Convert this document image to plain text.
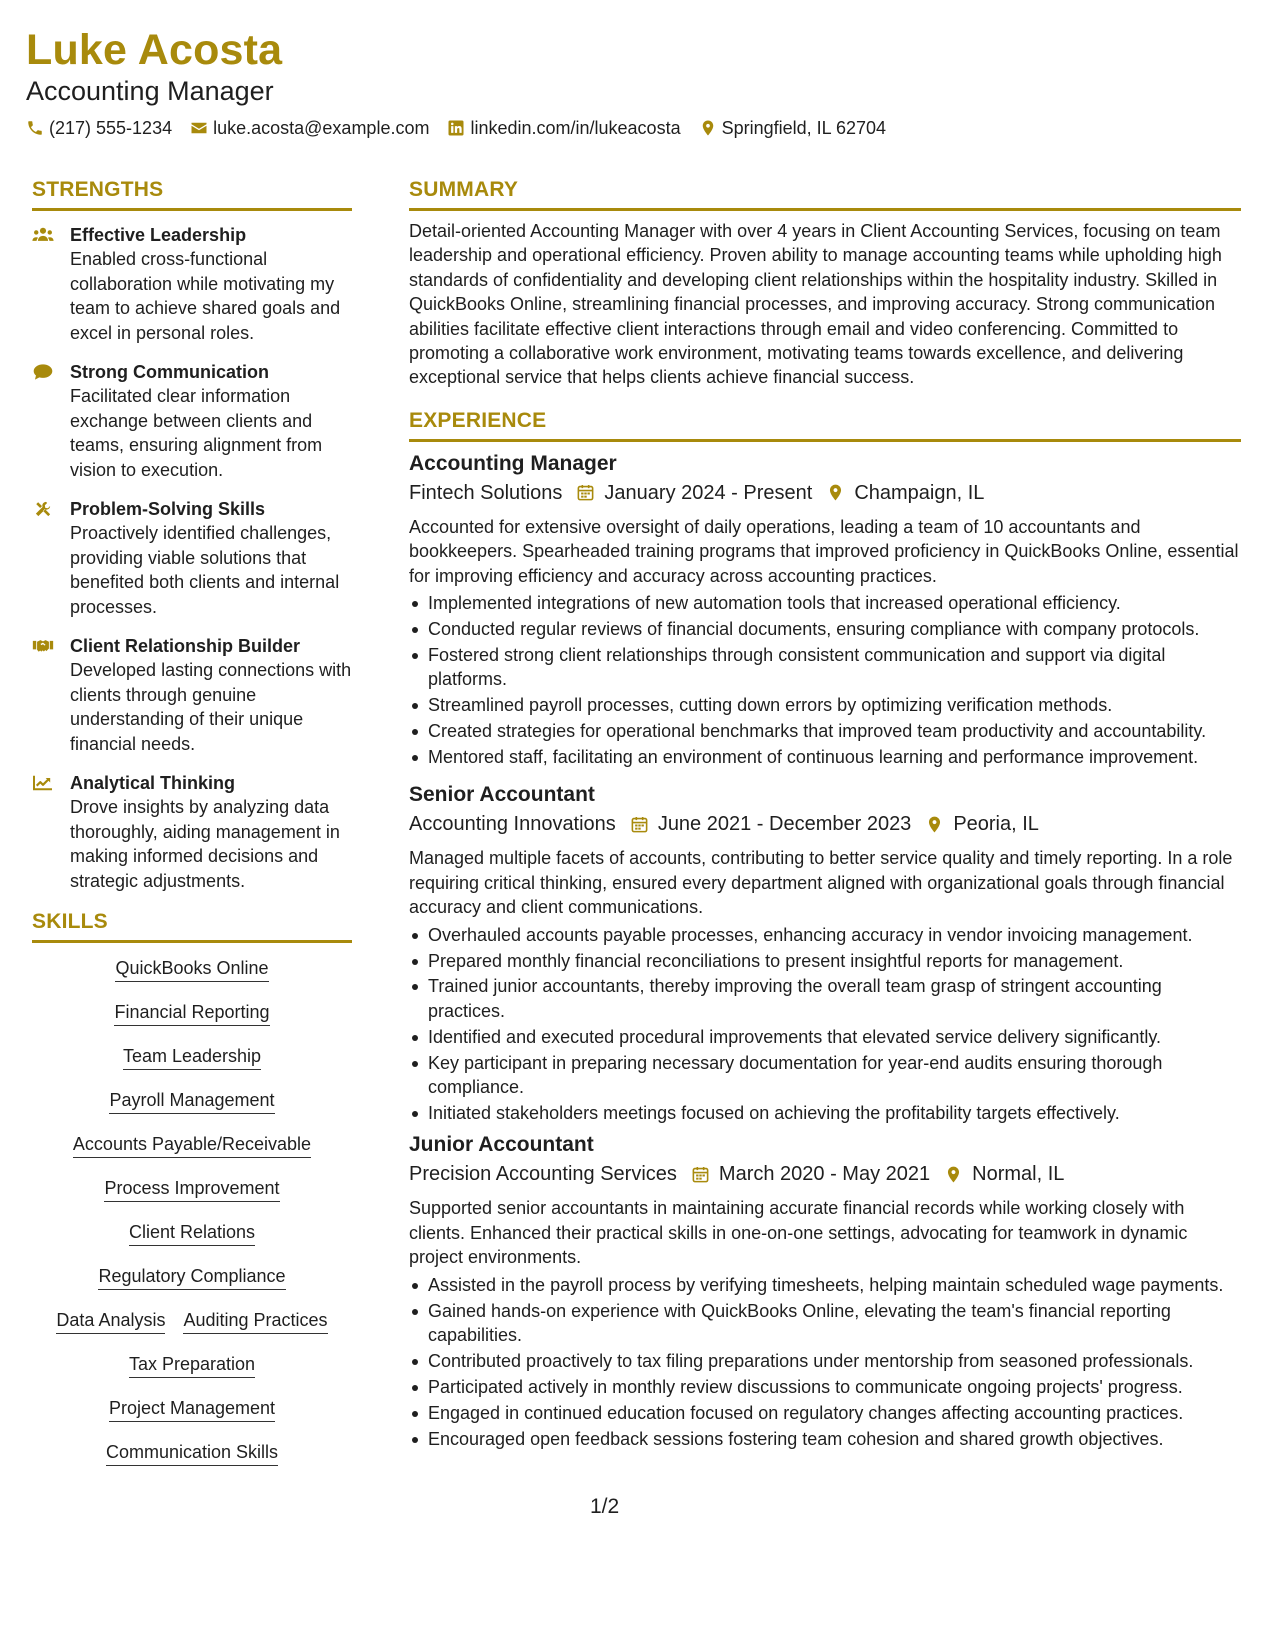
Luke Acosta
Accounting Manager
(217) 555-1234 luke.acosta@example.com linkedin.com/in/lukeacosta Springfield, IL 62704
STRENGTHS
Effective Leadership
Enabled cross-functional collaboration while motivating my team to achieve shared goals and excel in personal roles.
Strong Communication
Facilitated clear information exchange between clients and teams, ensuring alignment from vision to execution.
Problem-Solving Skills
Proactively identified challenges, providing viable solutions that benefited both clients and internal processes.
Client Relationship Builder
Developed lasting connections with clients through genuine understanding of their unique financial needs.
Analytical Thinking
Drove insights by analyzing data thoroughly, aiding management in making informed decisions and strategic adjustments.
SKILLS
QuickBooks Online
Financial Reporting
Team Leadership
Payroll Management
Accounts Payable/Receivable
Process Improvement
Client Relations
Regulatory Compliance
Data Analysis Auditing Practices
Tax Preparation
Project Management
Communication Skills
SUMMARY

Detail-oriented Accounting Manager with over 4 years in Client Accounting Services, focusing on team leadership and operational efficiency. Proven ability to manage accounting teams while upholding high standards of confidentiality and developing client relationships within the hospitality industry. Skilled in QuickBooks Online, streamlining financial processes, and improving accuracy. Strong communication abilities facilitate effective client interactions through email and video conferencing. Committed to promoting a collaborative work environment, motivating teams towards excellence, and delivering exceptional service that helps clients achieve financial success.

EXPERIENCE
Accounting Manager
Fintech Solutions January 2024 - Present Champaign, IL

Accounted for extensive oversight of daily operations, leading a team of 10 accountants and bookkeepers. Spearheaded training programs that improved proficiency in QuickBooks Online, essential for improving efficiency and accuracy across accounting practices.

Implemented integrations of new automation tools that increased operational efficiency.
Conducted regular reviews of financial documents, ensuring compliance with company protocols.
Fostered strong client relationships through consistent communication and support via digital platforms.
Streamlined payroll processes, cutting down errors by optimizing verification methods.
Created strategies for operational benchmarks that improved team productivity and accountability.
Mentored staff, facilitating an environment of continuous learning and performance improvement.
Senior Accountant
Accounting Innovations June 2021 - December 2023 Peoria, IL

Managed multiple facets of accounts, contributing to better service quality and timely reporting. In a role requiring critical thinking, ensured every department aligned with organizational goals through financial accuracy and client communications.

Overhauled accounts payable processes, enhancing accuracy in vendor invoicing management.
Prepared monthly financial reconciliations to present insightful reports for management.
Trained junior accountants, thereby improving the overall team grasp of stringent accounting practices.
Identified and executed procedural improvements that elevated service delivery significantly.
Key participant in preparing necessary documentation for year-end audits ensuring thorough compliance.
Initiated stakeholders meetings focused on achieving the profitability targets effectively.
Junior Accountant
Precision Accounting Services March 2020 - May 2021 Normal, IL

Supported senior accountants in maintaining accurate financial records while working closely with clients. Enhanced their practical skills in one-on-one settings, advocating for teamwork in dynamic project environments.

Assisted in the payroll process by verifying timesheets, helping maintain scheduled wage payments.
Gained hands-on experience with QuickBooks Online, elevating the team's financial reporting capabilities.
Contributed proactively to tax filing preparations under mentorship from seasoned professionals.
Participated actively in monthly review discussions to communicate ongoing projects' progress.
Engaged in continued education focused on regulatory changes affecting accounting practices.
Encouraged open feedback sessions fostering team cohesion and shared growth objectives.
1/2
